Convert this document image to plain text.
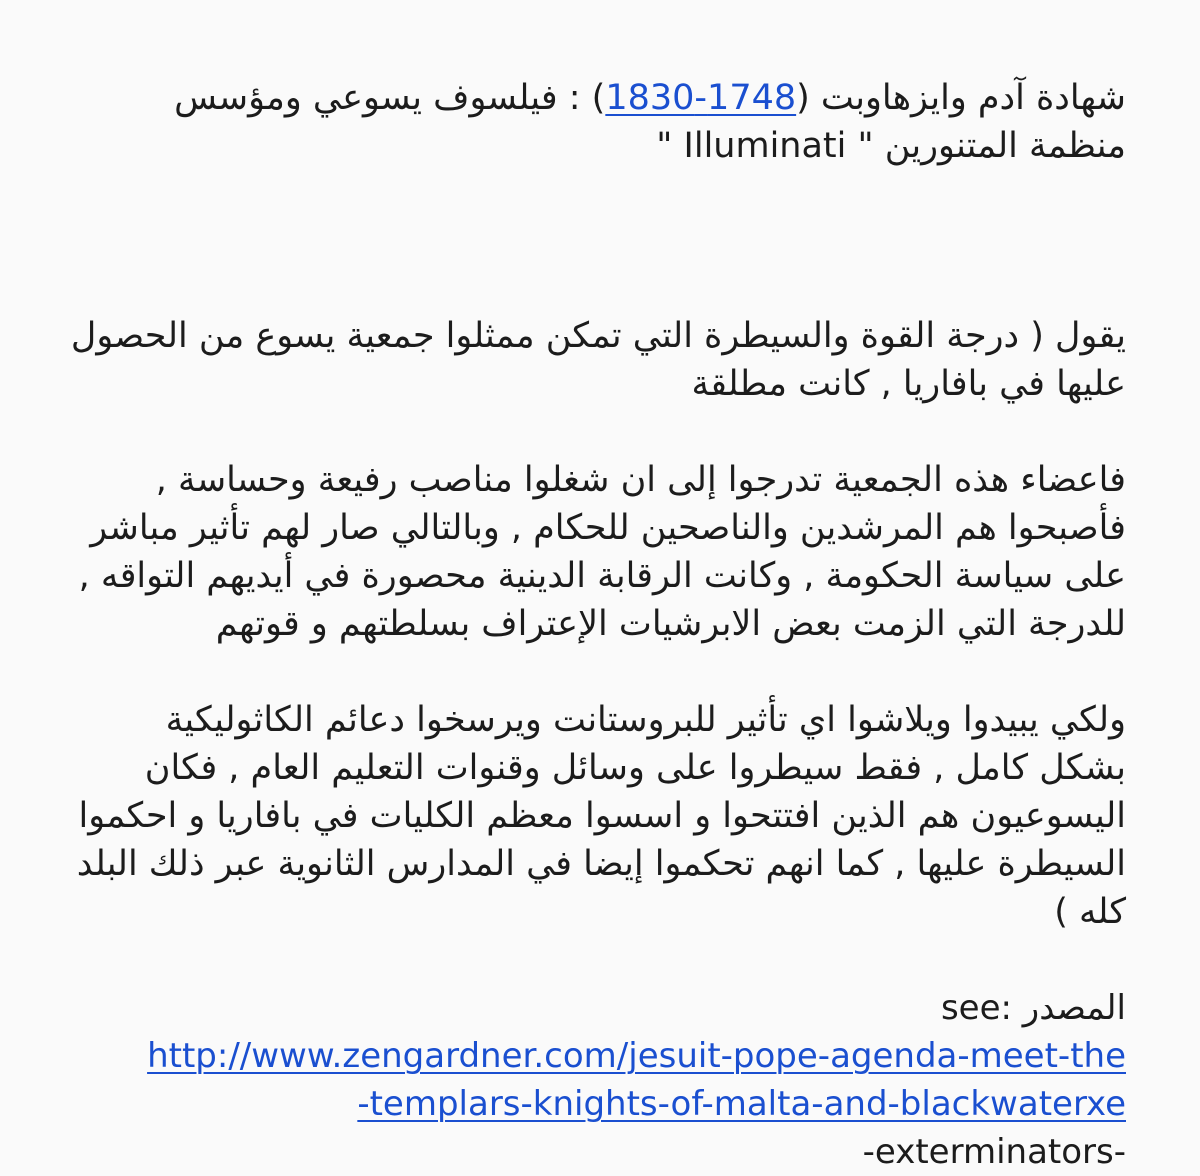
شهادة آدم وايزهاوبت (1748-1830) : فيلسوف يسوعي ومؤسس منظمة المتنورين " Illuminati "

يقول ( درجة القوة والسيطرة التي تمكن ممثلوا جمعية يسوع من الحصول عليها في بافاريا , كانت مطلقة

فاعضاء هذه الجمعية تدرجوا إلى ان شغلوا مناصب رفيعة وحساسة , فأصبحوا هم المرشدين والناصحين للحكام , وبالتالي صار لهم تأثير مباشر على سياسة الحكومة , وكانت الرقابة الدينية محصورة في أيديهم التواقه , للدرجة التي الزمت بعض الابرشيات الإعتراف بسلطتهم و قوتهم

ولكي يبيدوا ويلاشوا اي تأثير للبروستانت ويرسخوا دعائم الكاثوليكية بشكل كامل , فقط سيطروا على وسائل وقنوات التعليم العام , فكان اليسوعيون هم الذين افتتحوا و اسسوا معظم الكليات في بافاريا و احكموا السيطرة عليها , كما انهم تحكموا إيضا في المدارس الثانوية عبر ذلك البلد كله )

المصدر :see
http://www.zengardner.com/jesuit-pope-agenda-meet-the
-templars-knights-of-malta-and-blackwaterxe
-exterminators-
